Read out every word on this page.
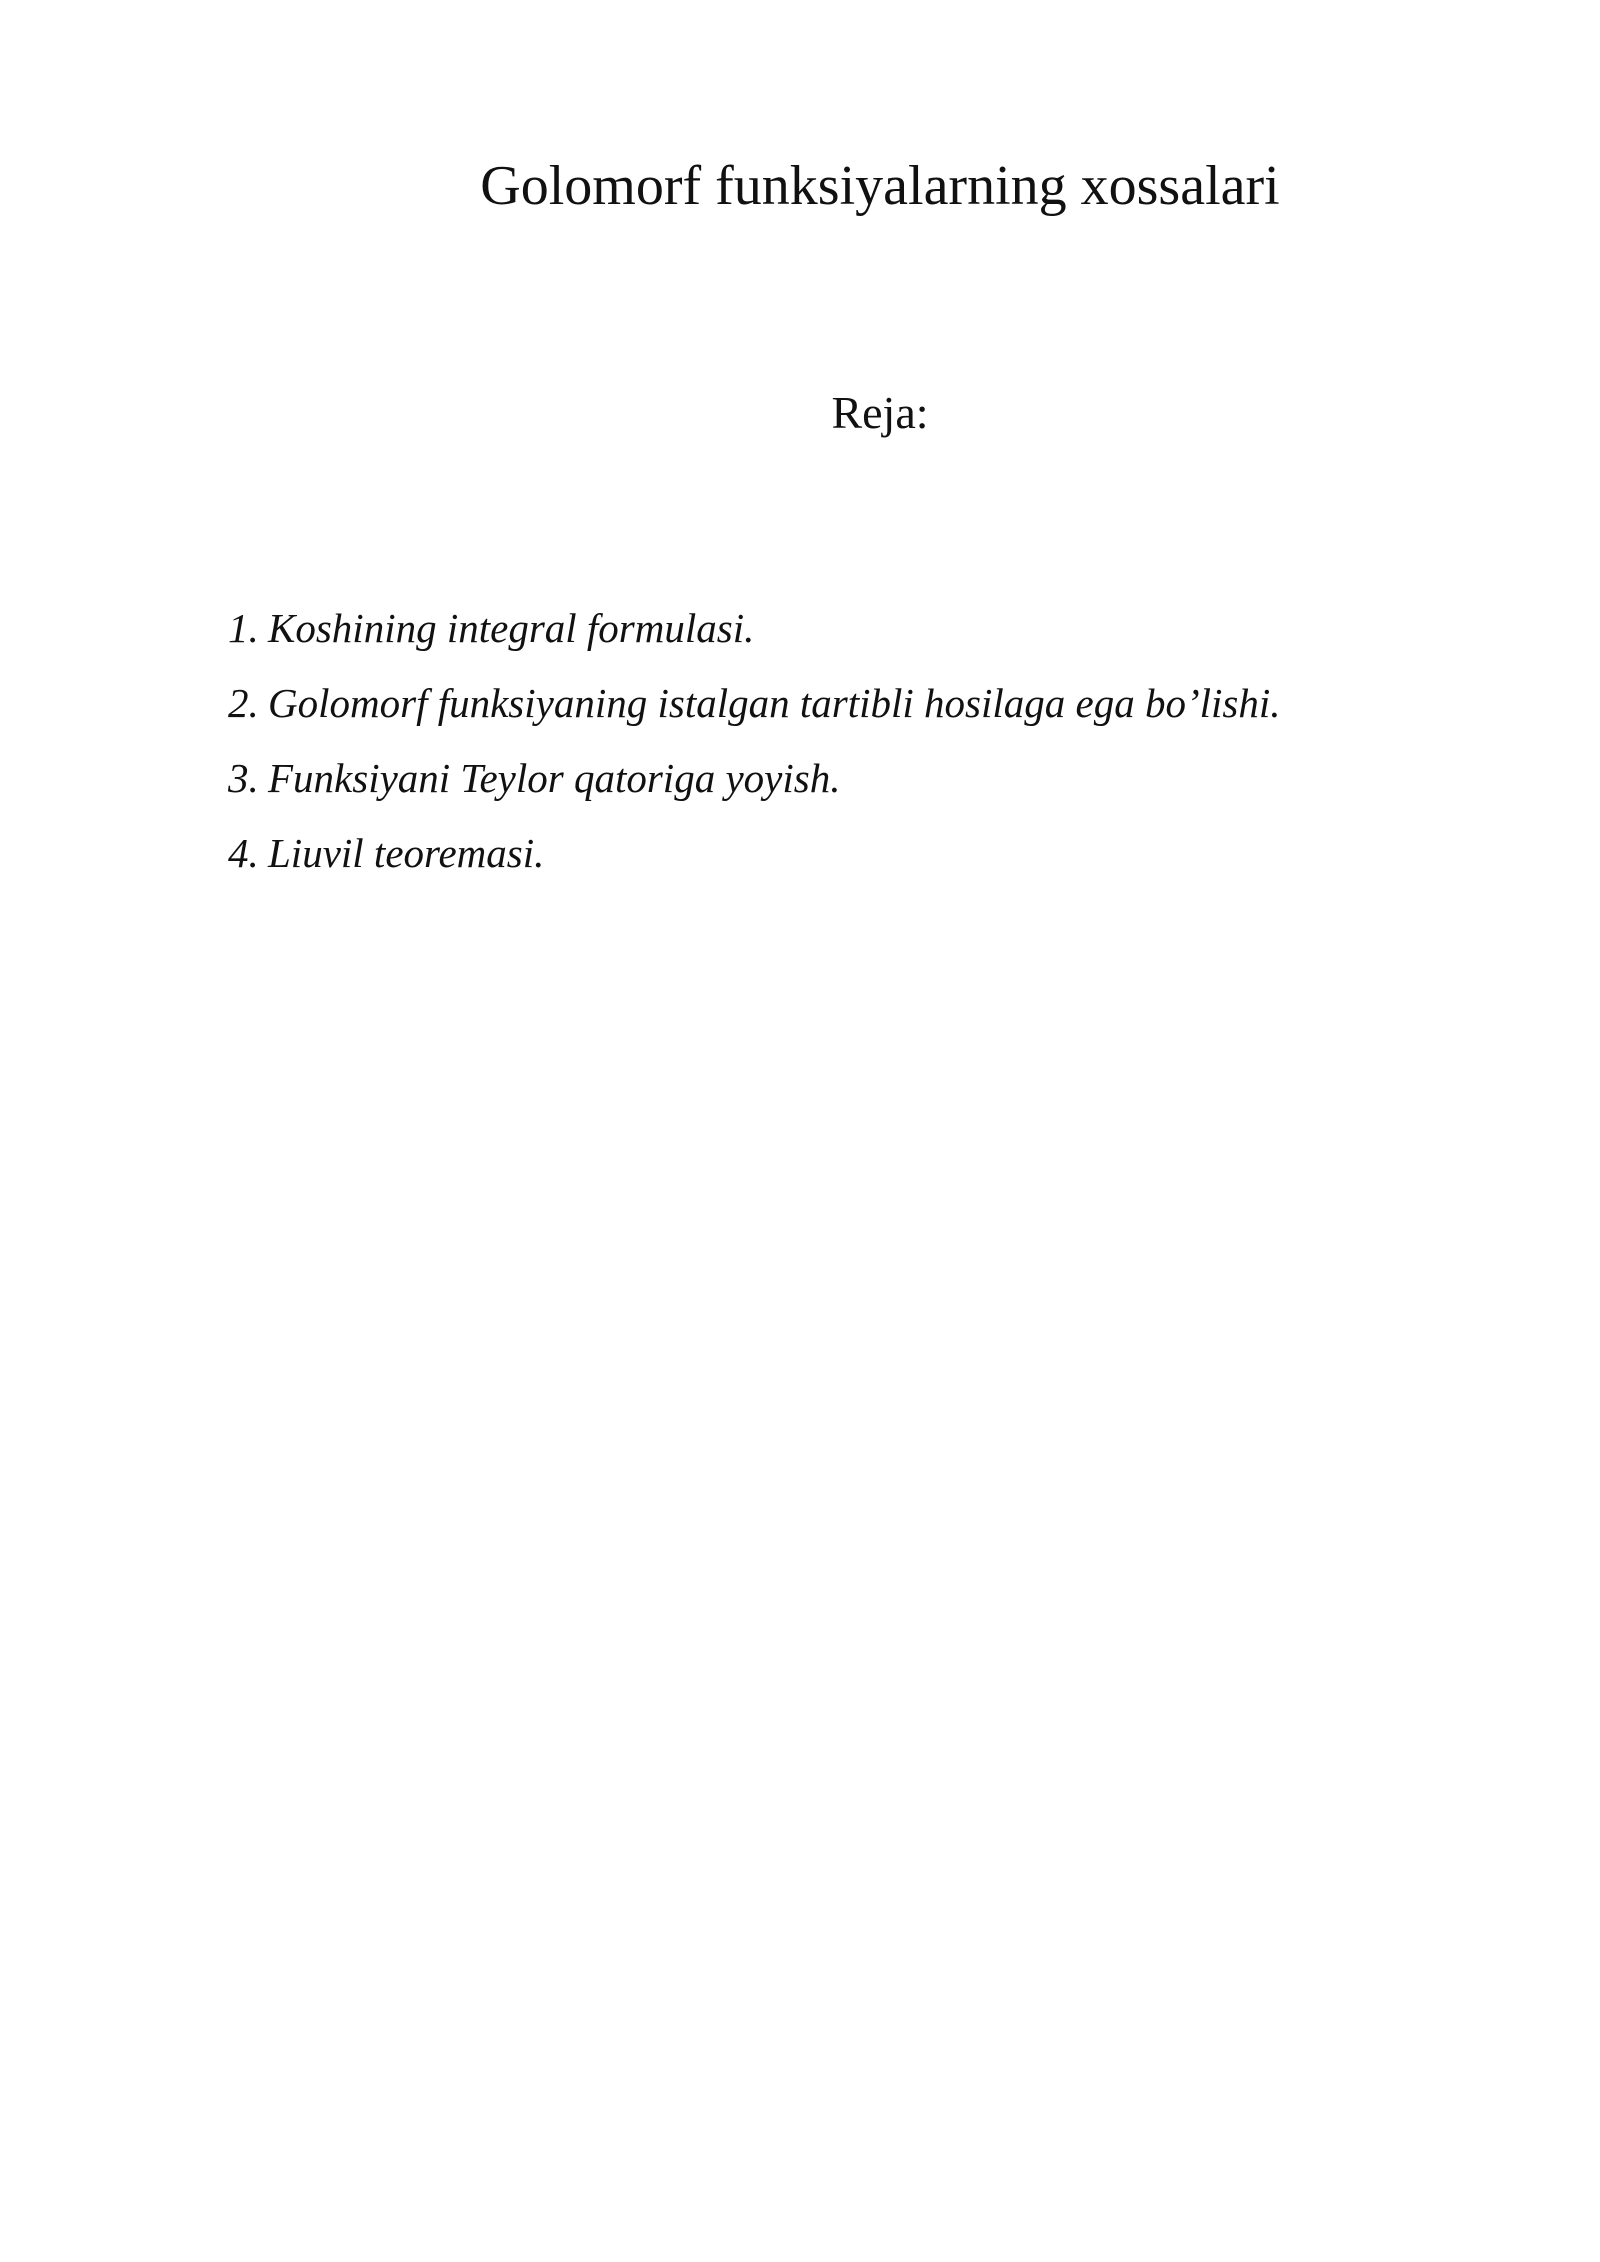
Golomorf funksiyalarning xossalari
Reja:
1. Koshining integral formulasi.
2. Golomorf funksiyaning istalgan tartibli hosilaga ega bo’lishi.
3. Funksiyani Teylor qatoriga yoyish.
4. Liuvil teoremasi.
